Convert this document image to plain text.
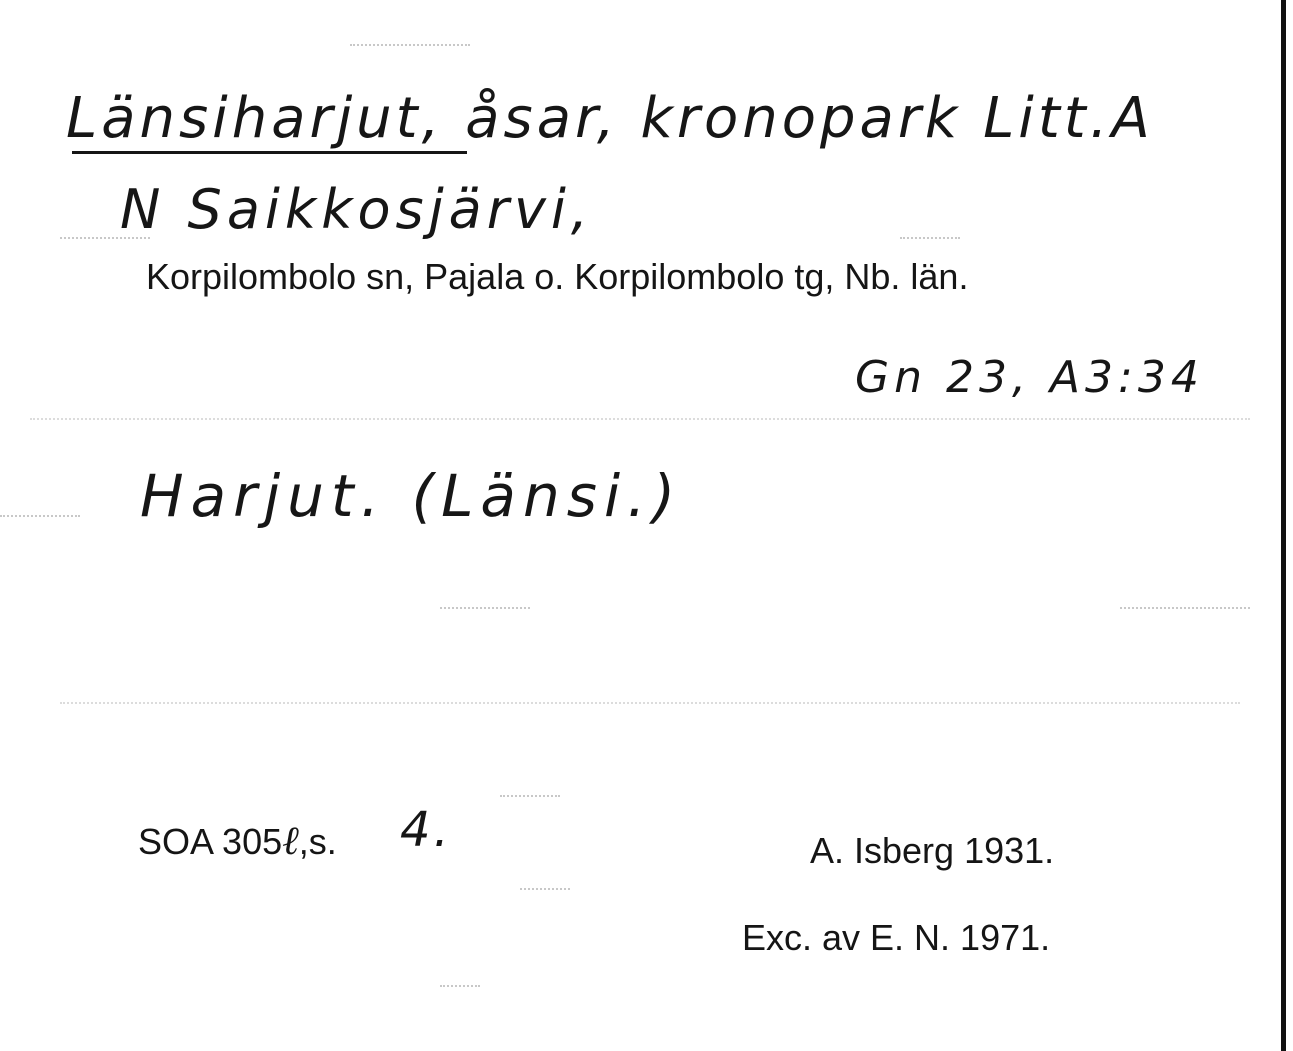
Länsiharjut, åsar, kronopark Litt.A
N Saikkosjärvi,
Korpilombolo sn, Pajala o. Korpilombolo tg, Nb. län.
Gn 23, A3:34
Harjut. (Länsi.)
SOA 305ℓ,s. 4.	A. Isberg 1931.
Exc. av E. N. 1971.
